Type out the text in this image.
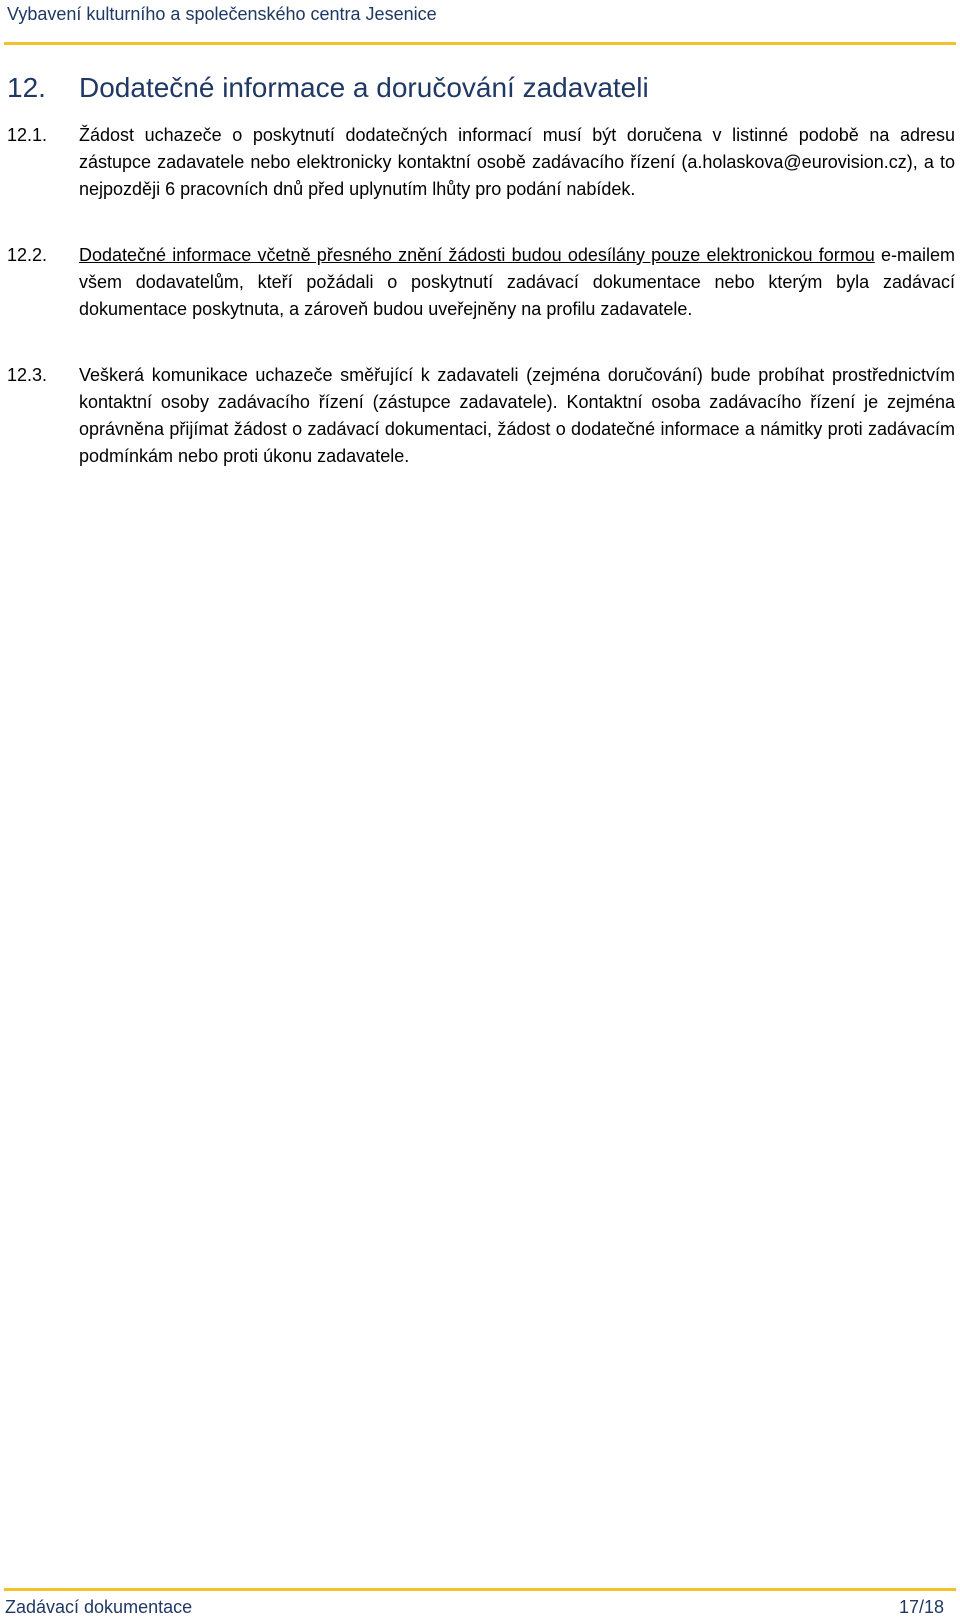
Vybavení kulturního a společenského centra Jesenice
12. Dodatečné informace a doručování zadavateli
12.1. Žádost uchazeče o poskytnutí dodatečných informací musí být doručena v listinné podobě na adresu zástupce zadavatele nebo elektronicky kontaktní osobě zadávacího řízení (a.holaskova@eurovision.cz), a to nejpozději 6 pracovních dnů před uplynutím lhůty pro podání nabídek.
12.2. Dodatečné informace včetně přesného znění žádosti budou odesílány pouze elektronickou formou e-mailem všem dodavatelům, kteří požádali o poskytnutí zadávací dokumentace nebo kterým byla zadávací dokumentace poskytnuta, a zároveň budou uveřejněny na profilu zadavatele.
12.3. Veškerá komunikace uchazeče směřující k zadavateli (zejména doručování) bude probíhat prostřednictvím kontaktní osoby zadávacího řízení (zástupce zadavatele). Kontaktní osoba zadávacího řízení je zejména oprávněna přijímat žádost o zadávací dokumentaci, žádost o dodatečné informace a námitky proti zadávacím podmínkám nebo proti úkonu zadavatele.
Zadávací dokumentace	17/18
